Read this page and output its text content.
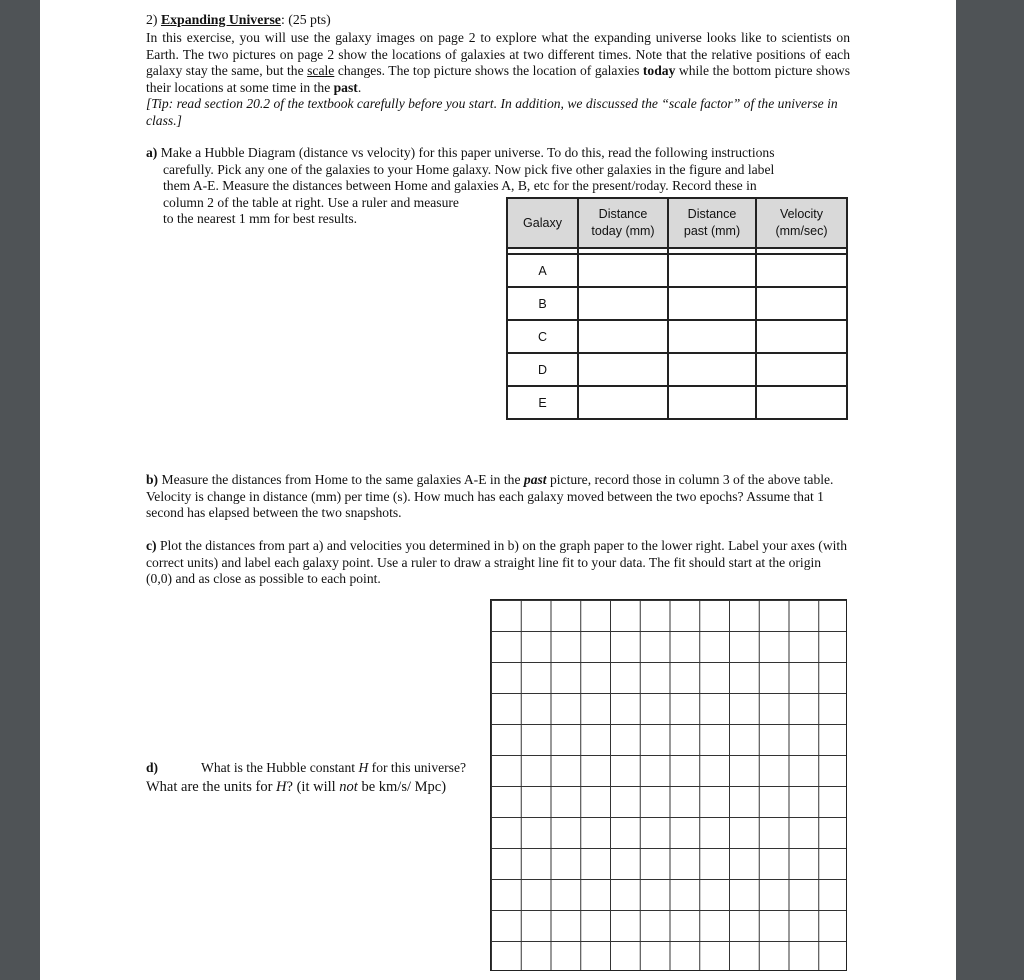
2) Expanding Universe: (25 pts)

In this exercise, you will use the galaxy images on page 2 to explore what the expanding universe looks like to scientists on Earth. The two pictures on page 2 show the locations of galaxies at two different times. Note that the relative positions of each galaxy stay the same, but the scale changes. The top picture shows the location of galaxies today while the bottom picture shows their locations at some time in the past.

[Tip: read section 20.2 of the textbook carefully before you start. In addition, we discussed the “scale factor” of the universe in class.]
a) Make a Hubble Diagram (distance vs velocity) for this paper universe. To do this, read the following instructions
carefully. Pick any one of the galaxies to your Home galaxy. Now pick five other galaxies in the figure and label
them A-E. Measure the distances between Home and galaxies A, B, etc for the present/roday. Record these in
column 2 of the table at right. Use a ruler and measure
to the nearest 1 mm for best results.	Galaxy	Distance
today (mm)	Distance
past (mm)	Velocity
(mm/sec)

A			
B			
C			
D			
E			
b) Measure the distances from Home to the same galaxies A-E in the past picture, record those in column 3 of the above table. Velocity is change in distance (mm) per time (s). How much has each galaxy moved between the two epochs? Assume that 1 second has elapsed between the two snapshots.
c) Plot the distances from part a) and velocities you determined in b) on the graph paper to the lower right. Label your axes (with correct units) and label each galaxy point. Use a ruler to draw a straight line fit to your data. The fit should start at the origin (0,0) and as close as possible to each point.
d)	What is the Hubble constant H for this universe?
What are the units for H? (it will not be km/s/ Mpc)
